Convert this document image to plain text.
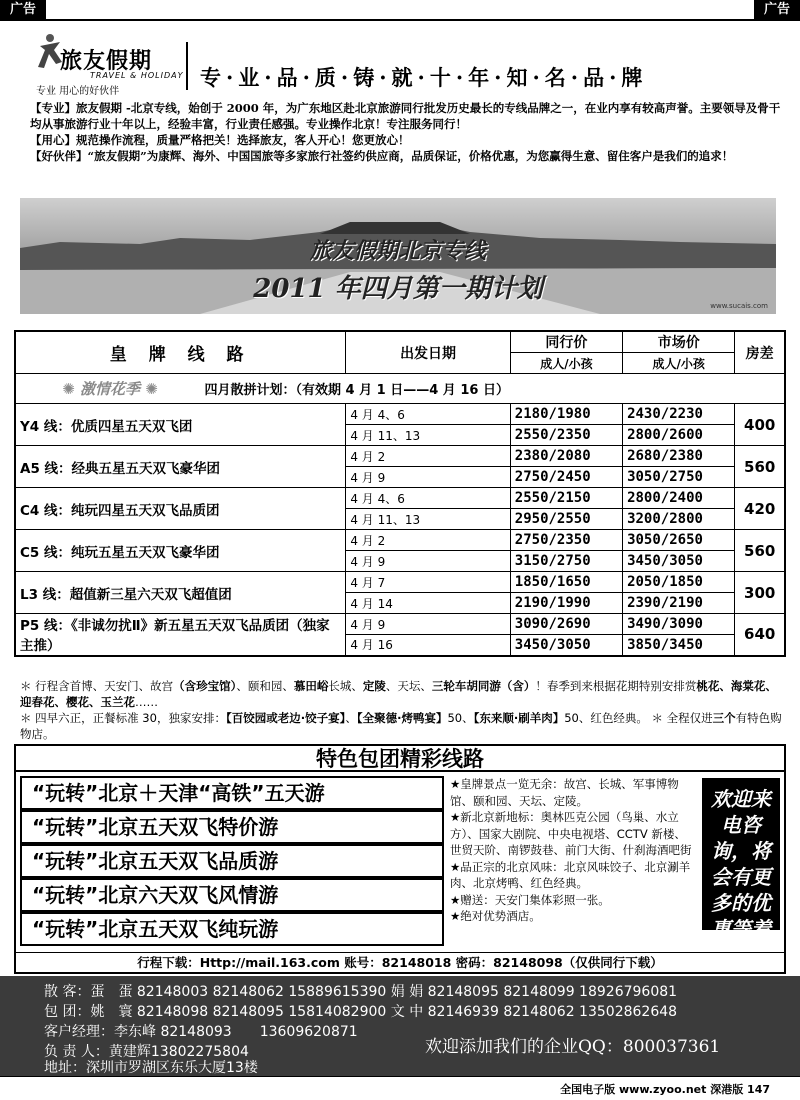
广告	广告
旅友假期
TRAVEL & HOLIDAY
专业 用心的好伙伴
专·业·品·质·铸·就·十·年·知·名·品·牌

【专业】旅友假期 -北京专线，始创于 2000 年，为广东地区赴北京旅游同行批发历史最长的专线品牌之一，在业内享有较高声誉。主要领导及骨干均从事旅游行业十年以上，经验丰富，行业责任感强。专业操作北京！专注服务同行！

【用心】规范操作流程，质量严格把关！选择旅友，客人开心！您更放心！

【好伙伴】“旅友假期”为康辉、海外、中国国旅等多家旅行社签约供应商，品质保证，价格优惠，为您赢得生意、留住客户是我们的追求！

旅友假期北京专线
2011 年四月第一期计划
www.sucais.com
皇 牌 线 路	出发日期	同行价	市场价	房差
		成人/小孩	成人/小孩	
✺ 激情花季 ✺ 四月散拼计划：（有效期 4 月 1 日——4 月 16 日）				
Y4 线：优质四星五天双飞团	4 月 4、6	2180/1980	2430/2230	400
	4 月 11、13	2550/2350	2800/2600	
A5 线：经典五星五天双飞豪华团	4 月 2	2380/2080	2680/2380	560
	4 月 9	2750/2450	3050/2750	
C4 线：纯玩四星五天双飞品质团	4 月 4、6	2550/2150	2800/2400	420
	4 月 11、13	2950/2550	3200/2800	
C5 线：纯玩五星五天双飞豪华团	4 月 2	2750/2350	3050/2650	560
	4 月 9	3150/2750	3450/3050	
L3 线：超值新三星六天双飞超值团	4 月 7	1850/1650	2050/1850	300
	4 月 14	2190/1990	2390/2190	
P5 线：《非诚勿扰Ⅱ》新五星五天双飞品质团（独家主推）	4 月 9	3090/2690	3490/3090	640
	4 月 16	3450/3050	3850/3450	
＊ 行程含首博、天安门、故宫（含珍宝馆）、颐和园、慕田峪长城、定陵、天坛、三轮车胡同游（含）！春季到来根据花期特别安排赏桃花、海棠花、迎春花、樱花、玉兰花……
＊ 四早六正，正餐标准 30，独家安排：【百饺园或老边·饺子宴】、【全聚德·烤鸭宴】50、【东来顺·刷羊肉】50、红色经典。 ＊ 全程仅进三个有特色购物店。
特色包团精彩线路
“玩转”北京＋天津“高铁”五天游
“玩转”北京五天双飞特价游
“玩转”北京五天双飞品质游
“玩转”北京六天双飞风情游
“玩转”北京五天双飞纯玩游
★皇牌景点一览无余：故宫、长城、军事博物馆、颐和园、天坛、定陵。
★新北京新地标：奥林匹克公园（鸟巢、水立方）、国家大剧院、中央电视塔、CCTV 新楼、世贸天阶、南锣鼓巷、前门大街、什刹海酒吧街
★品正宗的北京风味：北京风味饺子、北京涮羊肉、北京烤鸭、红色经典。
★赠送：天安门集体彩照一张。
★绝对优势酒店。
欢迎来电咨询，将会有更多的优惠等着您！
行程下载：Http://mail.163.com 账号：82148018 密码：82148098（仅供同行下载）
散 客：蛋　蛋 82148003 82148062 15889615390 娟 娟 82148095 82148099 18926796081
包 团：姚　寰 82148098 82148095 15814082900 文 中 82146939 82148062 13502862648
客户经理：李东峰 82148093　　13609620871
负 责 人：黄建辉13802275804
地址：深圳市罗湖区东乐大厦13楼
欢迎添加我们的企业QQ：800037361
全国电子版 www.zyoo.net 深港版 147
